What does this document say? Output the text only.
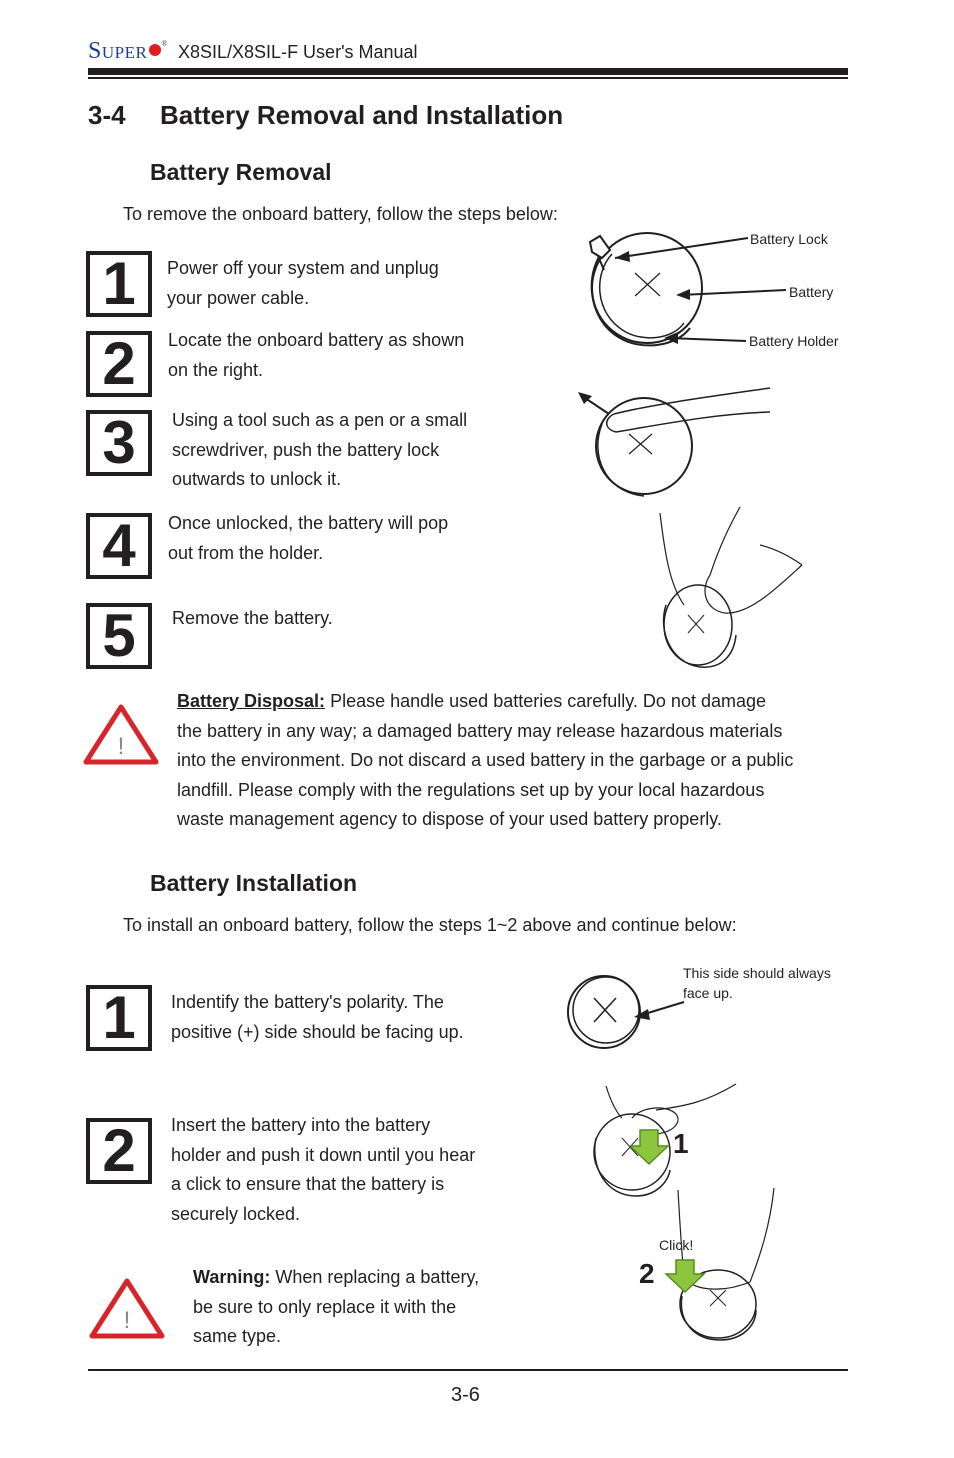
SUPER ® X8SIL/X8SIL-F User's Manual
3-4 Battery Removal and Installation
Battery Removal
To remove the onboard battery, follow the steps below:
1	Power off your system and unplug
your power cable.
2	Locate the onboard battery as shown
on the right.
3	Using a tool such as a pen or a small
screwdriver, push the battery lock
outwards to unlock it.
4	Once unlocked, the battery will pop
out from the holder.
5	Remove the battery.
Battery Lock
Battery
Battery Holder
!
Battery Disposal: Please handle used batteries carefully. Do not damage
the battery in any way; a damaged battery may release hazardous materials
into the environment. Do not discard a used battery in the garbage or a public
landfill. Please comply with the regulations set up by your local hazardous
waste management agency to dispose of your used battery properly.
Battery Installation
To install an onboard battery, follow the steps 1~2 above and continue below:
1	Indentify the battery's polarity. The
positive (+) side should be facing up.
This side should always
face up.
2	Insert the battery into the battery
holder and push it down until you hear
a click to ensure that the battery is
securely locked.
1
Click!
2
!
Warning: When replacing a battery,
be sure to only replace it with the
same type.
3-6
